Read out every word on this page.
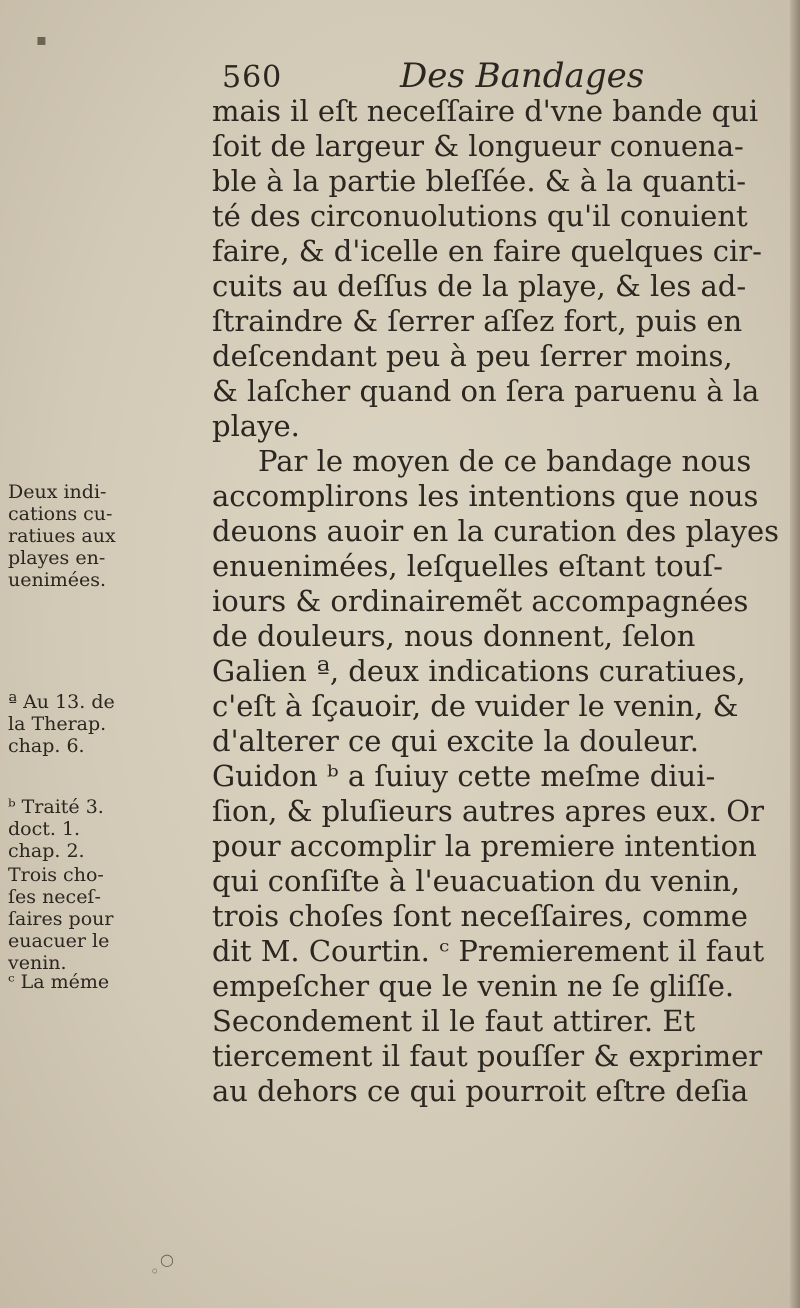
560	Des Bandages
mais il eſt neceſſaire d'vne bande qui
ſoit de largeur & longueur conuena-
ble à la partie bleſſée. & à la quanti-
té des circonuolutions qu'il conuient
faire, & d'icelle en faire quelques cir-
cuits au deſſus de la playe, & les ad-
ſtraindre & ſerrer aſſez fort, puis en
deſcendant peu à peu ſerrer moins,
& laſcher quand on ſera paruenu à la
playe.
Par le moyen de ce bandage nous
accomplirons les intentions que nous
deuons auoir en la curation des playes
enuenimées, leſquelles eſtant touſ-
iours & ordinairemẽt accompagnées
de douleurs, nous donnent, ſelon
Galien ª, deux indications curatiues,
c'eſt à ſçauoir, de vuider le venin, &
d'alterer ce qui excite la douleur.
Guidon ᵇ a ſuiuy cette meſme diui-
ſion, & pluſieurs autres apres eux. Or
pour accomplir la premiere intention
qui conſiſte à l'euacuation du venin,
trois choſes ſont neceſſaires, comme
dit M. Courtin. ᶜ Premierement il faut
empeſcher que le venin ne ſe gliſſe.
Secondement il le faut attirer. Et
tiercement il faut pouſſer & exprimer
au dehors ce qui pourroit eſtre deſia
Deux indi-
cations cu-
ratiues aux
playes en-
uenimées.
ª Au 13. de
la Therap.
chap. 6.
ᵇ Traité 3.
doct. 1.
chap. 2.
Trois cho-
ſes neceſ-
ſaires pour
euacuer le
venin.
ᶜ La méme
▪
○
◦
